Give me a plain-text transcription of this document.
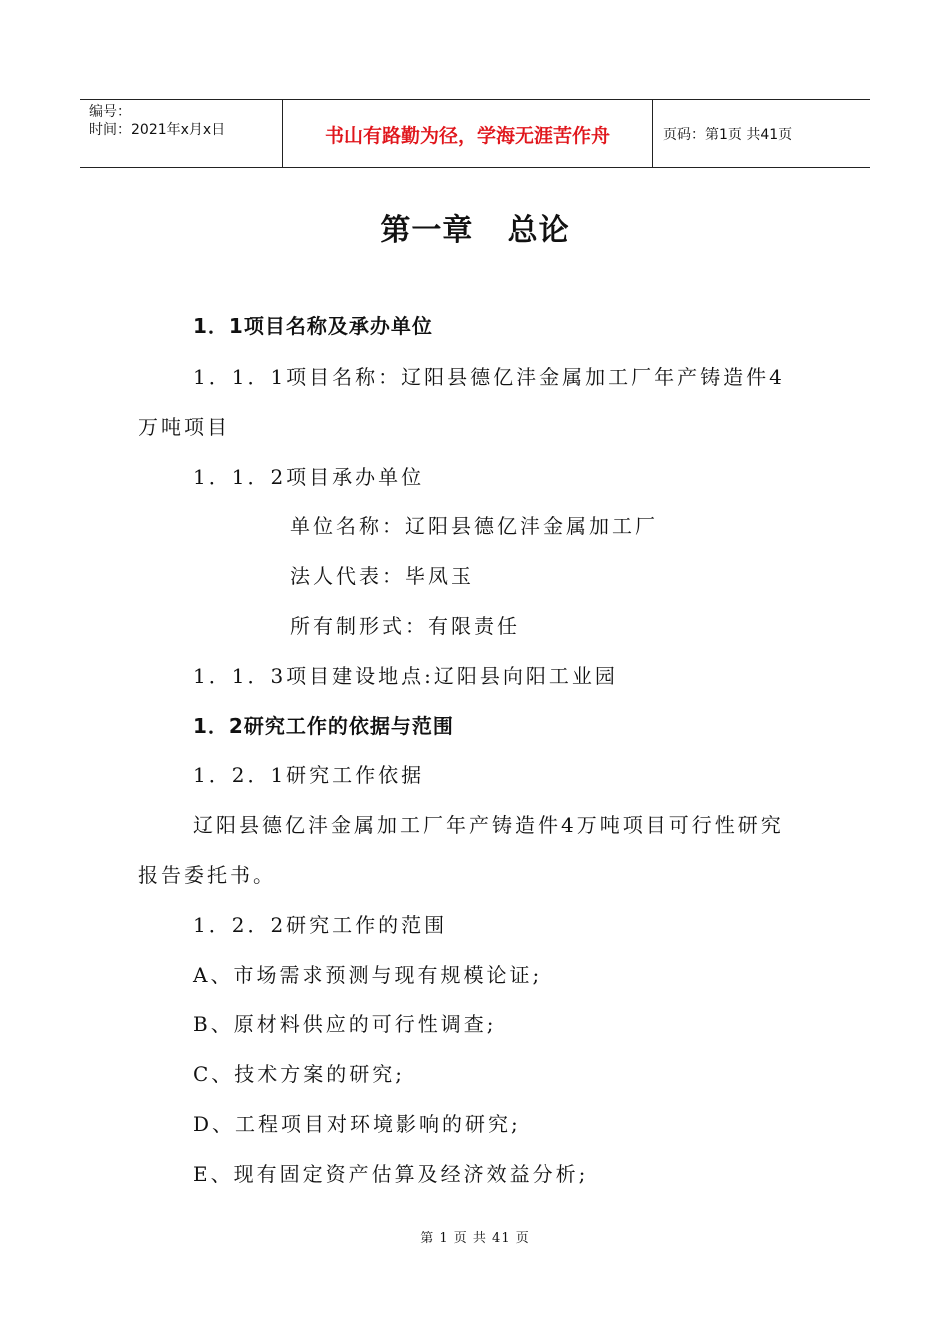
编号：
时间：2021年x月x日	书山有路勤为径，学海无涯苦作舟	页码：第1页 共41页
第一章   总论
1．1项目名称及承办单位
1．1．1项目名称：辽阳县德亿沣金属加工厂年产铸造件4
万吨项目
1．1．2项目承办单位
单位名称：辽阳县德亿沣金属加工厂
法人代表：毕凤玉
所有制形式：有限责任
1．1．3项目建设地点:辽阳县向阳工业园
1．2研究工作的依据与范围
1．2．1研究工作依据
辽阳县德亿沣金属加工厂年产铸造件4万吨项目可行性研究
报告委托书。
1．2．2研究工作的范围
A、市场需求预测与现有规模论证;
B、原材料供应的可行性调查;
C、技术方案的研究;
D、工程项目对环境影响的研究;
E、现有固定资产估算及经济效益分析;
第 1 页 共 41 页
